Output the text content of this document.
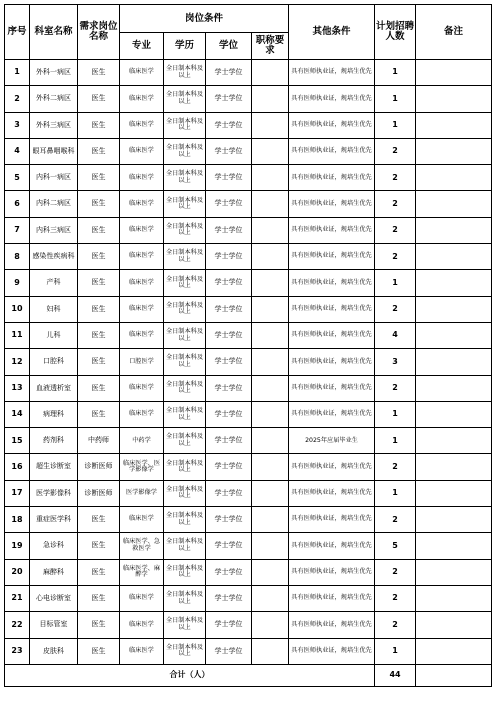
序号	科室名称	需求岗位名称	岗位条件				其他条件	计划招聘人数	备注
			专业	学历	学位	职称要求			
1	外科一病区	医生	临床医学	全日制本科及以上	学士学位		具有医师执业证，规培生优先	1	
2	外科二病区	医生	临床医学	全日制本科及以上	学士学位		具有医师执业证，规培生优先	1	
3	外科三病区	医生	临床医学	全日制本科及以上	学士学位		具有医师执业证，规培生优先	1	
4	眼耳鼻咽喉科	医生	临床医学	全日制本科及以上	学士学位		具有医师执业证，规培生优先	2	
5	内科一病区	医生	临床医学	全日制本科及以上	学士学位		具有医师执业证，规培生优先	2	
6	内科二病区	医生	临床医学	全日制本科及以上	学士学位		具有医师执业证，规培生优先	2	
7	内科三病区	医生	临床医学	全日制本科及以上	学士学位		具有医师执业证，规培生优先	2	
8	感染性疾病科	医生	临床医学	全日制本科及以上	学士学位		具有医师执业证，规培生优先	2	
9	产科	医生	临床医学	全日制本科及以上	学士学位		具有医师执业证，规培生优先	1	
10	妇科	医生	临床医学	全日制本科及以上	学士学位		具有医师执业证，规培生优先	2	
11	儿科	医生	临床医学	全日制本科及以上	学士学位		具有医师执业证，规培生优先	4	
12	口腔科	医生	口腔医学	全日制本科及以上	学士学位		具有医师执业证，规培生优先	3	
13	血液透析室	医生	临床医学	全日制本科及以上	学士学位		具有医师执业证，规培生优先	2	
14	病理科	医生	临床医学	全日制本科及以上	学士学位		具有医师执业证，规培生优先	1	
15	药剂科	中药师	中药学	全日制本科及以上	学士学位		2025年应届毕业生	1	
16	超生诊断室	诊断医师	临床医学、医学影像学	全日制本科及以上	学士学位		具有医师执业证，规培生优先	2	
17	医学影像科	诊断医师	医学影像学	全日制本科及以上	学士学位		具有医师执业证，规培生优先	1	
18	重症医学科	医生	临床医学	全日制本科及以上	学士学位		具有医师执业证，规培生优先	2	
19	急诊科	医生	临床医学、急救医学	全日制本科及以上	学士学位		具有医师执业证，规培生优先	5	
20	麻醉科	医生	临床医学、麻醉学	全日制本科及以上	学士学位		具有医师执业证，规培生优先	2	
21	心电诊断室	医生	临床医学	全日制本科及以上	学士学位		具有医师执业证，规培生优先	2	
22	目标管室	医生	临床医学	全日制本科及以上	学士学位		具有医师执业证，规培生优先	2	
23	皮肤科	医生	临床医学	全日制本科及以上	学士学位		具有医师执业证，规培生优先	1	
合计（人）								44	
